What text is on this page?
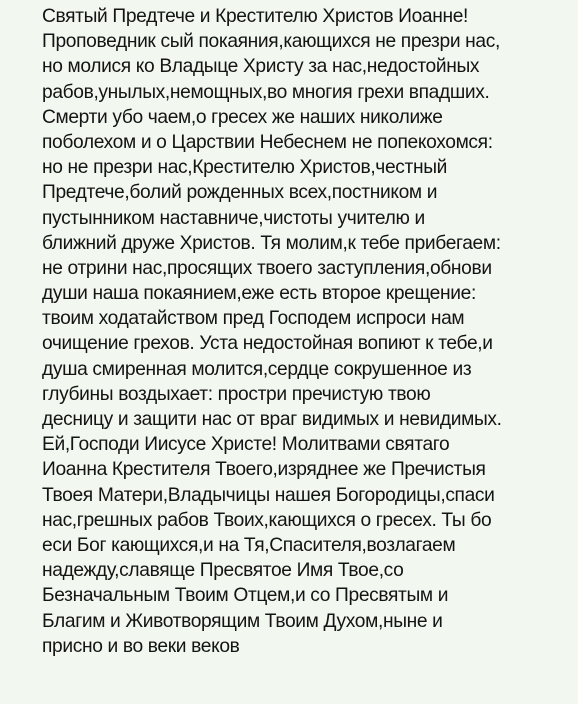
Святый Предтече и Крестителю Христов Иоанне!
Проповедник сый покаяния,кающихся не презри нас,
но молися ко Владыце Христу за нас,недостойных
рабов,унылых,немощных,во многия грехи впадших.
Смерти убо чаем,о гресех же наших николиже
поболехом и о Царствии Небеснем не попекохомся:
но не презри нас,Крестителю Христов,честный
Предтече,болий рожденных всех,постником и
пустынником наставниче,чистоты учителю и
ближний друже Христов. Тя молим,к тебе прибегаем:
не отрини нас,просящих твоего заступления,обнови
души наша покаянием,еже есть второе крещение:
твоим ходатайством пред Господем испроси нам
очищение грехов. Уста недостойная вопиют к тебе,и
душа смиренная молится,сердце сокрушенное из
глубины воздыхает: простри пречистую твою
десницу и защити нас от враг видимых и невидимых.
Ей,Господи Иисусе Христе! Молитвами святаго
Иоанна Крестителя Твоего,изряднее же Пречистыя
Твоея Матери,Владычицы нашея Богородицы,спаси
нас,грешных рабов Твоих,кающихся о гресех. Ты бо
еси Бог кающихся,и на Тя,Спасителя,возлагаем
надежду,славяще Пресвятое Имя Твое,со
Безначальным Твоим Отцем,и со Пресвятым и
Благим и Животворящим Твоим Духом,ныне и
присно и во веки веков
